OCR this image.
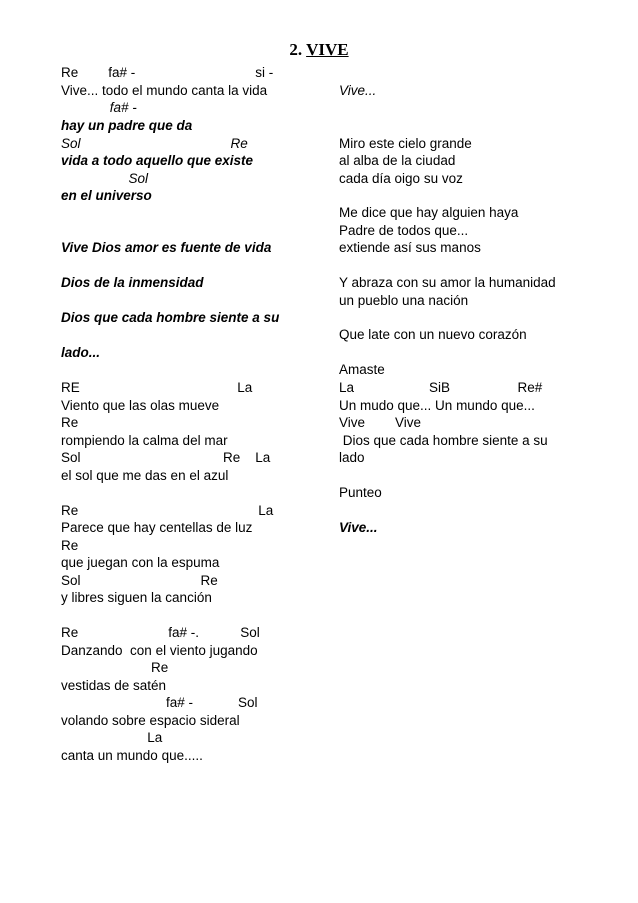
2. VIVE
Re        fa# -                                si -
Vive... todo el mundo canta la vida
fa# -
hay un padre que da
Sol                                        Re
vida a todo aquello que existe
Sol
en el universo
Vive Dios amor es fuente de vida
Dios de la inmensidad
Dios que cada hombre siente a su
lado...
RE                                          La
Viento que las olas mueve
Re
rompiendo la calma del mar
Sol                                      Re    La
el sol que me das en el azul
Re                                                La
Parece que hay centellas de luz
Re
que juegan con la espuma
Sol                                Re
y libres siguen la canción
Re                        fa# -.           Sol
Danzando  con el viento jugando
Re
vestidas de satén
fa# -            Sol
volando sobre espacio sideral
La
canta un mundo que.....
Vive...
Miro este cielo grande
al alba de la ciudad
cada día oigo su voz
Me dice que hay alguien haya
Padre de todos que...
extiende así sus manos
Y abraza con su amor la humanidad
un pueblo una nación
Que late con un nuevo corazón
Amaste
La                    SiB                  Re#
Un mudo que... Un mundo que...
Vive        Vive
Dios que cada hombre siente a su
lado
Punteo
Vive...
